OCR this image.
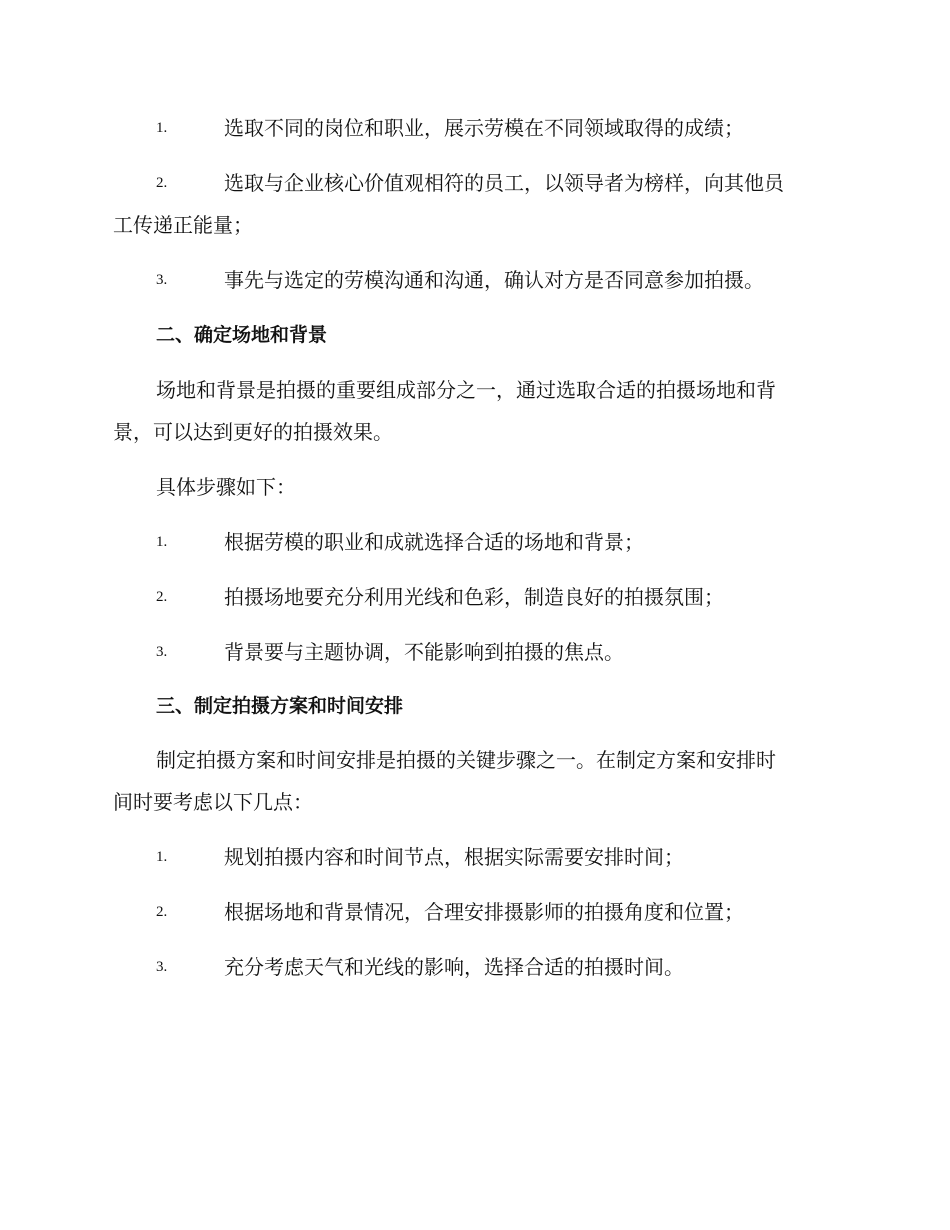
1.	选取不同的岗位和职业，展示劳模在不同领域取得的成绩；
2.	选取与企业核心价值观相符的员工，以领导者为榜样，向其他员
工传递正能量；
3.	事先与选定的劳模沟通和沟通，确认对方是否同意参加拍摄。
二、确定场地和背景
场地和背景是拍摄的重要组成部分之一，通过选取合适的拍摄场地和背
景，可以达到更好的拍摄效果。
具体步骤如下：
1.	根据劳模的职业和成就选择合适的场地和背景；
2.	拍摄场地要充分利用光线和色彩，制造良好的拍摄氛围；
3.	背景要与主题协调，不能影响到拍摄的焦点。
三、制定拍摄方案和时间安排
制定拍摄方案和时间安排是拍摄的关键步骤之一。在制定方案和安排时
间时要考虑以下几点：
1.	规划拍摄内容和时间节点，根据实际需要安排时间；
2.	根据场地和背景情况，合理安排摄影师的拍摄角度和位置；
3.	充分考虑天气和光线的影响，选择合适的拍摄时间。
